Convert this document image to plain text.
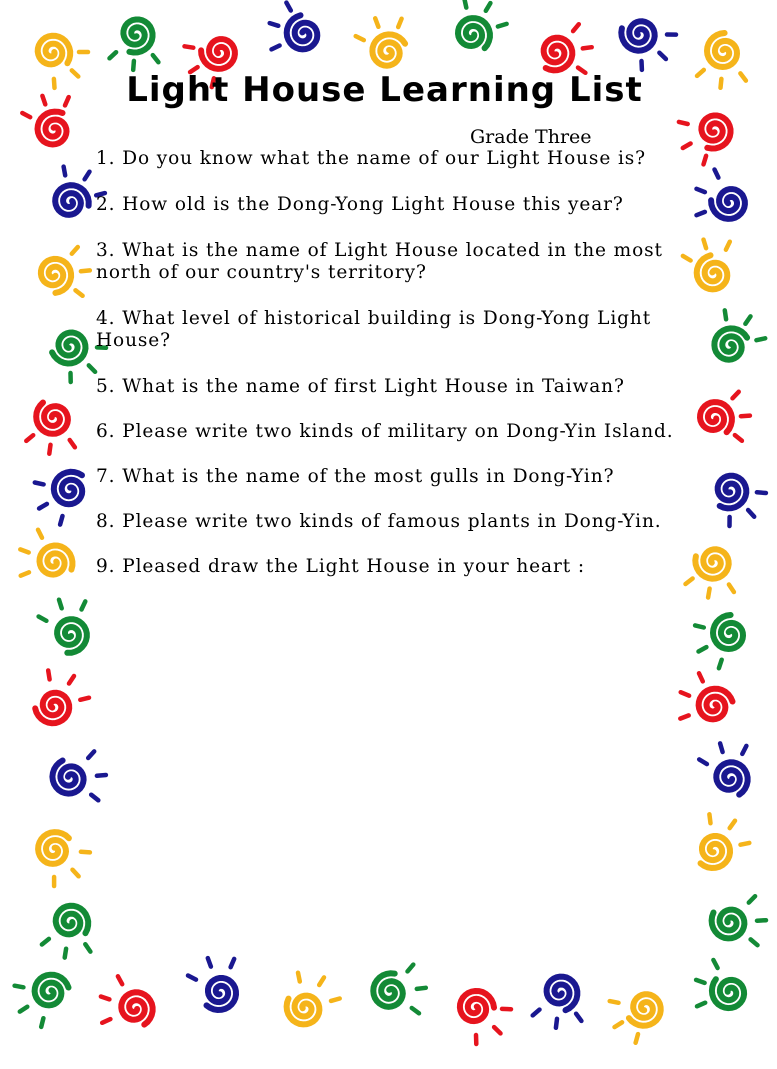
Light House Learning List
Grade Three

1. Do you know what the name of our Light House is?

2. How old is the Dong-Yong Light House this year?

3. What is the name of Light House located in the most north of our country's territory?

4. What level of historical building is Dong-Yong Light House?

5. What is the name of first Light House in Taiwan?

6. Please write two kinds of military on Dong-Yin Island.

7. What is the name of the most gulls in Dong-Yin?

8. Please write two kinds of famous plants in Dong-Yin.

9. Pleased draw the Light House in your heart :
